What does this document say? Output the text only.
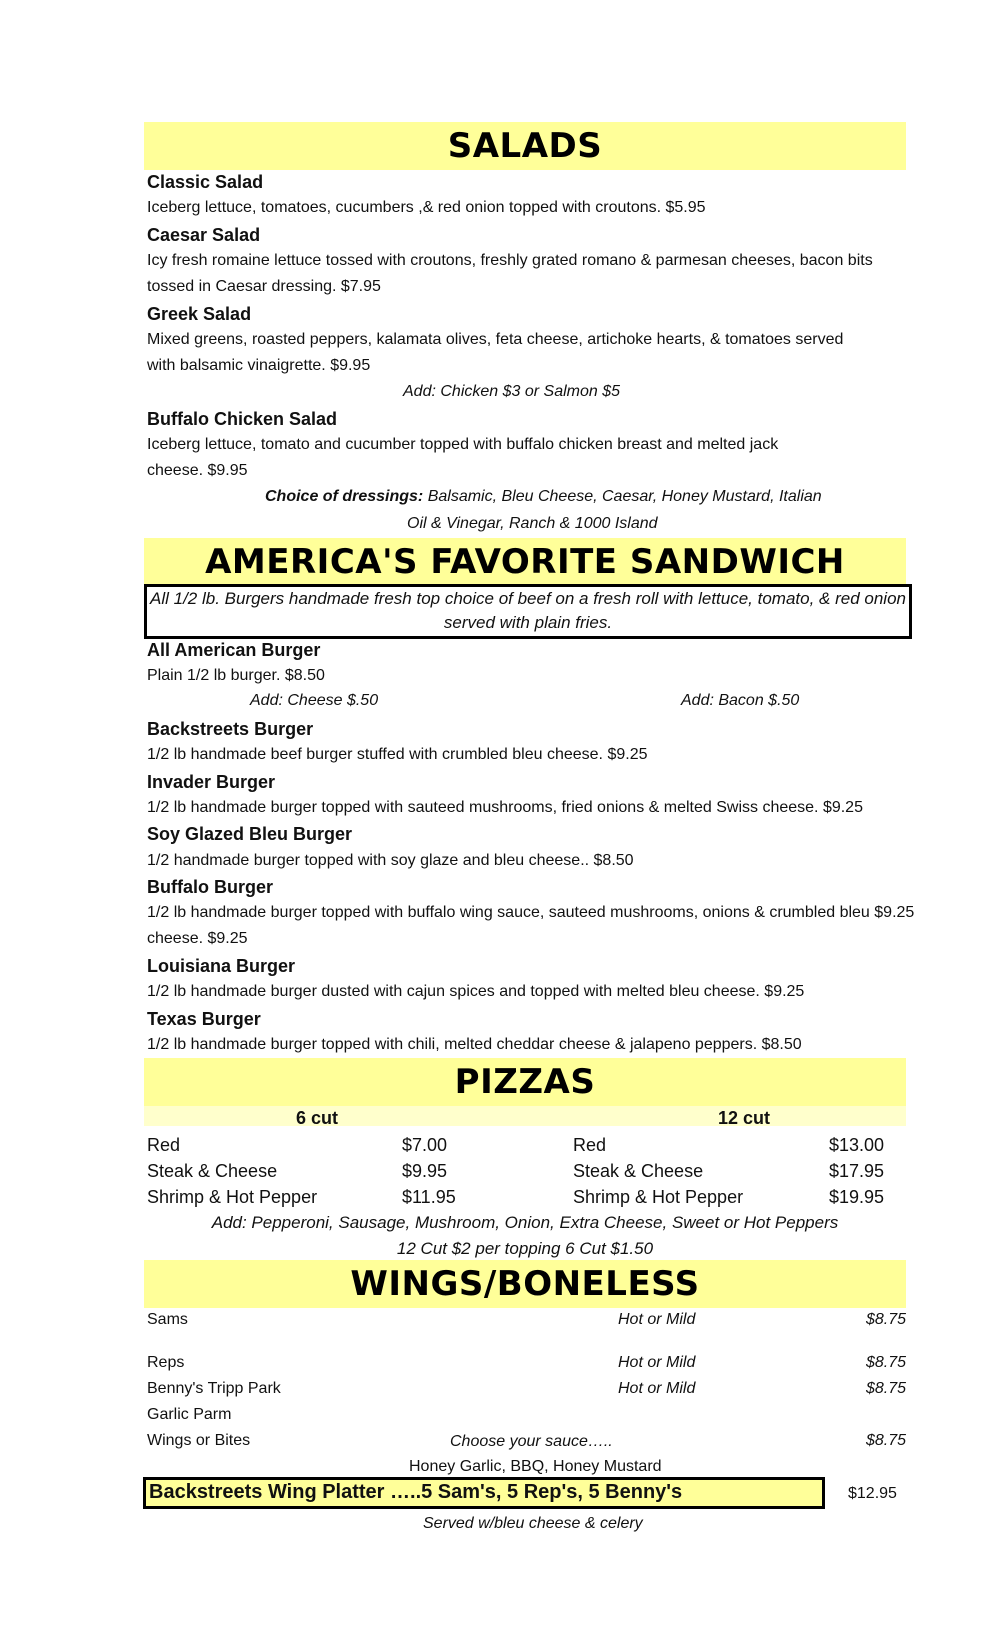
SALADS
Classic Salad
Iceberg lettuce, tomatoes, cucumbers ,& red onion topped with croutons. $5.95
Caesar Salad
Icy fresh romaine lettuce tossed with croutons, freshly grated romano & parmesan cheeses, bacon bits
tossed in Caesar dressing. $7.95
Greek Salad
Mixed greens, roasted peppers, kalamata olives, feta cheese, artichoke hearts, & tomatoes served
with balsamic vinaigrette. $9.95
Add: Chicken $3 or Salmon $5
Buffalo Chicken Salad
Iceberg lettuce, tomato and cucumber topped with buffalo chicken breast and melted jack
cheese. $9.95
Choice of dressings: Balsamic, Bleu Cheese, Caesar, Honey Mustard, Italian
Oil & Vinegar, Ranch & 1000 Island
AMERICA'S FAVORITE SANDWICH
All 1/2 lb. Burgers handmade fresh top choice of beef on a fresh roll with lettuce, tomato, & red onion
served with plain fries.
All American Burger
Plain 1/2 lb burger. $8.50
Add: Cheese $.50	Add: Bacon $.50
Backstreets Burger
1/2 lb handmade beef burger stuffed with crumbled bleu cheese. $9.25
Invader Burger
1/2 lb handmade burger topped with sauteed mushrooms, fried onions & melted Swiss cheese. $9.25
Soy Glazed Bleu Burger
1/2 handmade burger topped with soy glaze and bleu cheese.. $8.50
Buffalo Burger
1/2 lb handmade burger topped with buffalo wing sauce, sauteed mushrooms, onions & crumbled bleu $9.25
cheese. $9.25
Louisiana Burger
1/2 lb handmade burger dusted with cajun spices and topped with melted bleu cheese. $9.25
Texas Burger
1/2 lb handmade burger topped with chili, melted cheddar cheese & jalapeno peppers. $8.50
PIZZAS
6 cut	12 cut
Red	$7.00	Red	$13.00
Steak & Cheese	$9.95	Steak & Cheese	$17.95
Shrimp & Hot Pepper	$11.95	Shrimp & Hot Pepper	$19.95
Add: Pepperoni, Sausage, Mushroom, Onion, Extra Cheese, Sweet or Hot Peppers
12 Cut $2 per topping 6 Cut $1.50
WINGS/BONELESS
Sams	Hot or Mild	$8.75
Reps	Hot or Mild	$8.75
Benny's Tripp Park	Hot or Mild	$8.75
Garlic Parm
Wings or Bites	Choose your sauce…..	$8.75
Honey Garlic, BBQ, Honey Mustard
Backstreets Wing Platter …..5 Sam's, 5 Rep's, 5 Benny's	$12.95
Served w/bleu cheese & celery
